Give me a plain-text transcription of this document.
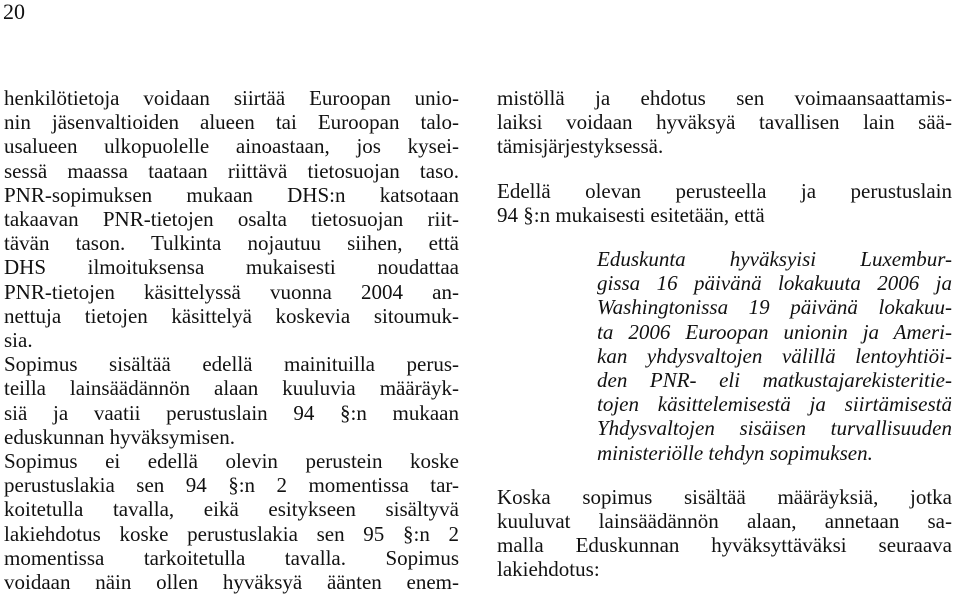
20
henkilötietoja voidaan siirtää Euroopan unio-
nin jäsenvaltioiden alueen tai Euroopan talo-
usalueen ulkopuolelle ainoastaan, jos kysei-
sessä maassa taataan riittävä tietosuojan taso.
PNR-sopimuksen mukaan DHS:n katsotaan
takaavan PNR-tietojen osalta tietosuojan riit-
tävän tason. Tulkinta nojautuu siihen, että
DHS ilmoituksensa mukaisesti noudattaa
PNR-tietojen käsittelyssä vuonna 2004 an-
nettuja tietojen käsittelyä koskevia sitoumuk-
sia.
Sopimus sisältää edellä mainituilla perus-
teilla lainsäädännön alaan kuuluvia määräyk-
siä ja vaatii perustuslain 94 §:n mukaan
eduskunnan hyväksymisen.
Sopimus ei edellä olevin perustein koske
perustuslakia sen 94 §:n 2 momentissa tar-
koitetulla tavalla, eikä esitykseen sisältyvä
lakiehdotus koske perustuslakia sen 95 §:n 2
momentissa tarkoitetulla tavalla. Sopimus
voidaan näin ollen hyväksyä äänten enem-
mistöllä ja ehdotus sen voimaansaattamis-
laiksi voidaan hyväksyä tavallisen lain sää-
tämisjärjestyksessä.
Edellä olevan perusteella ja perustuslain
94 §:n mukaisesti esitetään, että
Eduskunta hyväksyisi Luxembur-
gissa 16 päivänä lokakuuta 2006 ja
Washingtonissa 19 päivänä lokakuu-
ta 2006 Euroopan unionin ja Ameri-
kan yhdysvaltojen välillä lentoyhtiöi-
den PNR- eli matkustajarekisteritie-
tojen käsittelemisestä ja siirtämisestä
Yhdysvaltojen sisäisen turvallisuuden
ministeriölle tehdyn sopimuksen.
Koska sopimus sisältää määräyksiä, jotka
kuuluvat lainsäädännön alaan, annetaan sa-
malla Eduskunnan hyväksyttäväksi seuraava
lakiehdotus:
